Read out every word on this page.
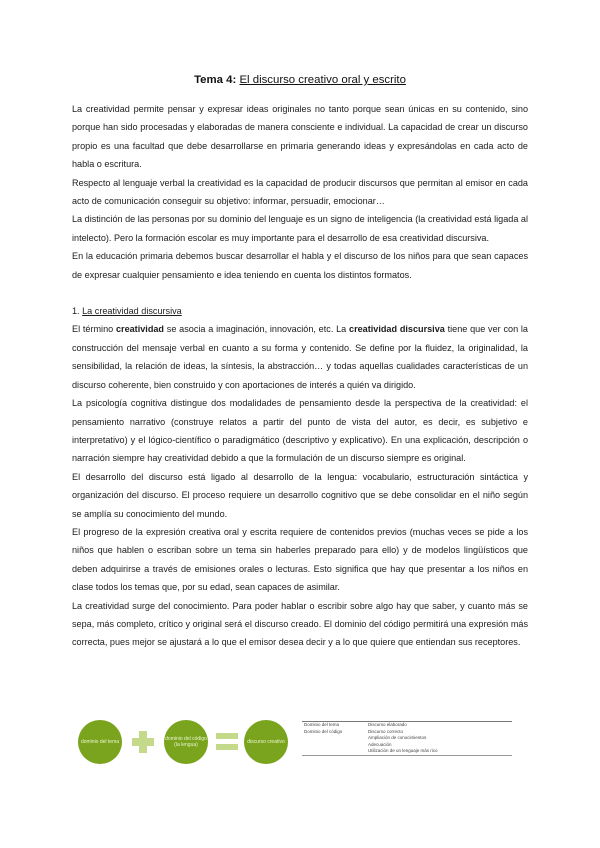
Tema 4: El discurso creativo oral y escrito

La creatividad permite pensar y expresar ideas originales no tanto porque sean únicas en su contenido, sino porque han sido procesadas y elaboradas de manera consciente e individual. La capacidad de crear un discurso propio es una facultad que debe desarrollarse en primaria generando ideas y expresándolas en cada acto de habla o escritura.

Respecto al lenguaje verbal la creatividad es la capacidad de producir discursos que permitan al emisor en cada acto de comunicación conseguir su objetivo: informar, persuadir, emocionar…

La distinción de las personas por su dominio del lenguaje es un signo de inteligencia (la creatividad está ligada al intelecto). Pero la formación escolar es muy importante para el desarrollo de esa creatividad discursiva.

En la educación primaria debemos buscar desarrollar el habla y el discurso de los niños para que sean capaces de expresar cualquier pensamiento e idea teniendo en cuenta los distintos formatos.

1. La creatividad discursiva

El término creatividad se asocia a imaginación, innovación, etc. La creatividad discursiva tiene que ver con la construcción del mensaje verbal en cuanto a su forma y contenido. Se define por la fluidez, la originalidad, la sensibilidad, la relación de ideas, la síntesis, la abstracción… y todas aquellas cualidades características de un discurso coherente, bien construido y con aportaciones de interés a quién va dirigido.

La psicología cognitiva distingue dos modalidades de pensamiento desde la perspectiva de la creatividad: el pensamiento narrativo (construye relatos a partir del punto de vista del autor, es decir, es subjetivo e interpretativo) y el lógico-científico o paradigmático (descriptivo y explicativo). En una explicación, descripción o narración siempre hay creatividad debido a que la formulación de un discurso siempre es original.

El desarrollo del discurso está ligado al desarrollo de la lengua: vocabulario, estructuración sintáctica y organización del discurso. El proceso requiere un desarrollo cognitivo que se debe consolidar en el niño según se amplía su conocimiento del mundo.

El progreso de la expresión creativa oral y escrita requiere de contenidos previos (muchas veces se pide a los niños que hablen o escriban sobre un tema sin haberles preparado para ello) y de modelos lingüísticos que deben adquirirse a través de emisiones orales o lecturas. Esto significa que hay que presentar a los niños en clase todos los temas que, por su edad, sean capaces de asimilar.

La creatividad surge del conocimiento. Para poder hablar o escribir sobre algo hay que saber, y cuanto más se sepa, más completo, crítico y original será el discurso creado. El dominio del código permitirá una expresión más correcta, pues mejor se ajustará a lo que el emisor desea decir y a lo que quiere que entiendan sus receptores.

dominio del tema	dominio del código (la lengua)	discurso creativo
Dominio del tema	Discurso elaborado
Dominio del código	Discurso correcto
Ampliación de conocimientos
Adecuación
Utilización de un lenguaje más rico
